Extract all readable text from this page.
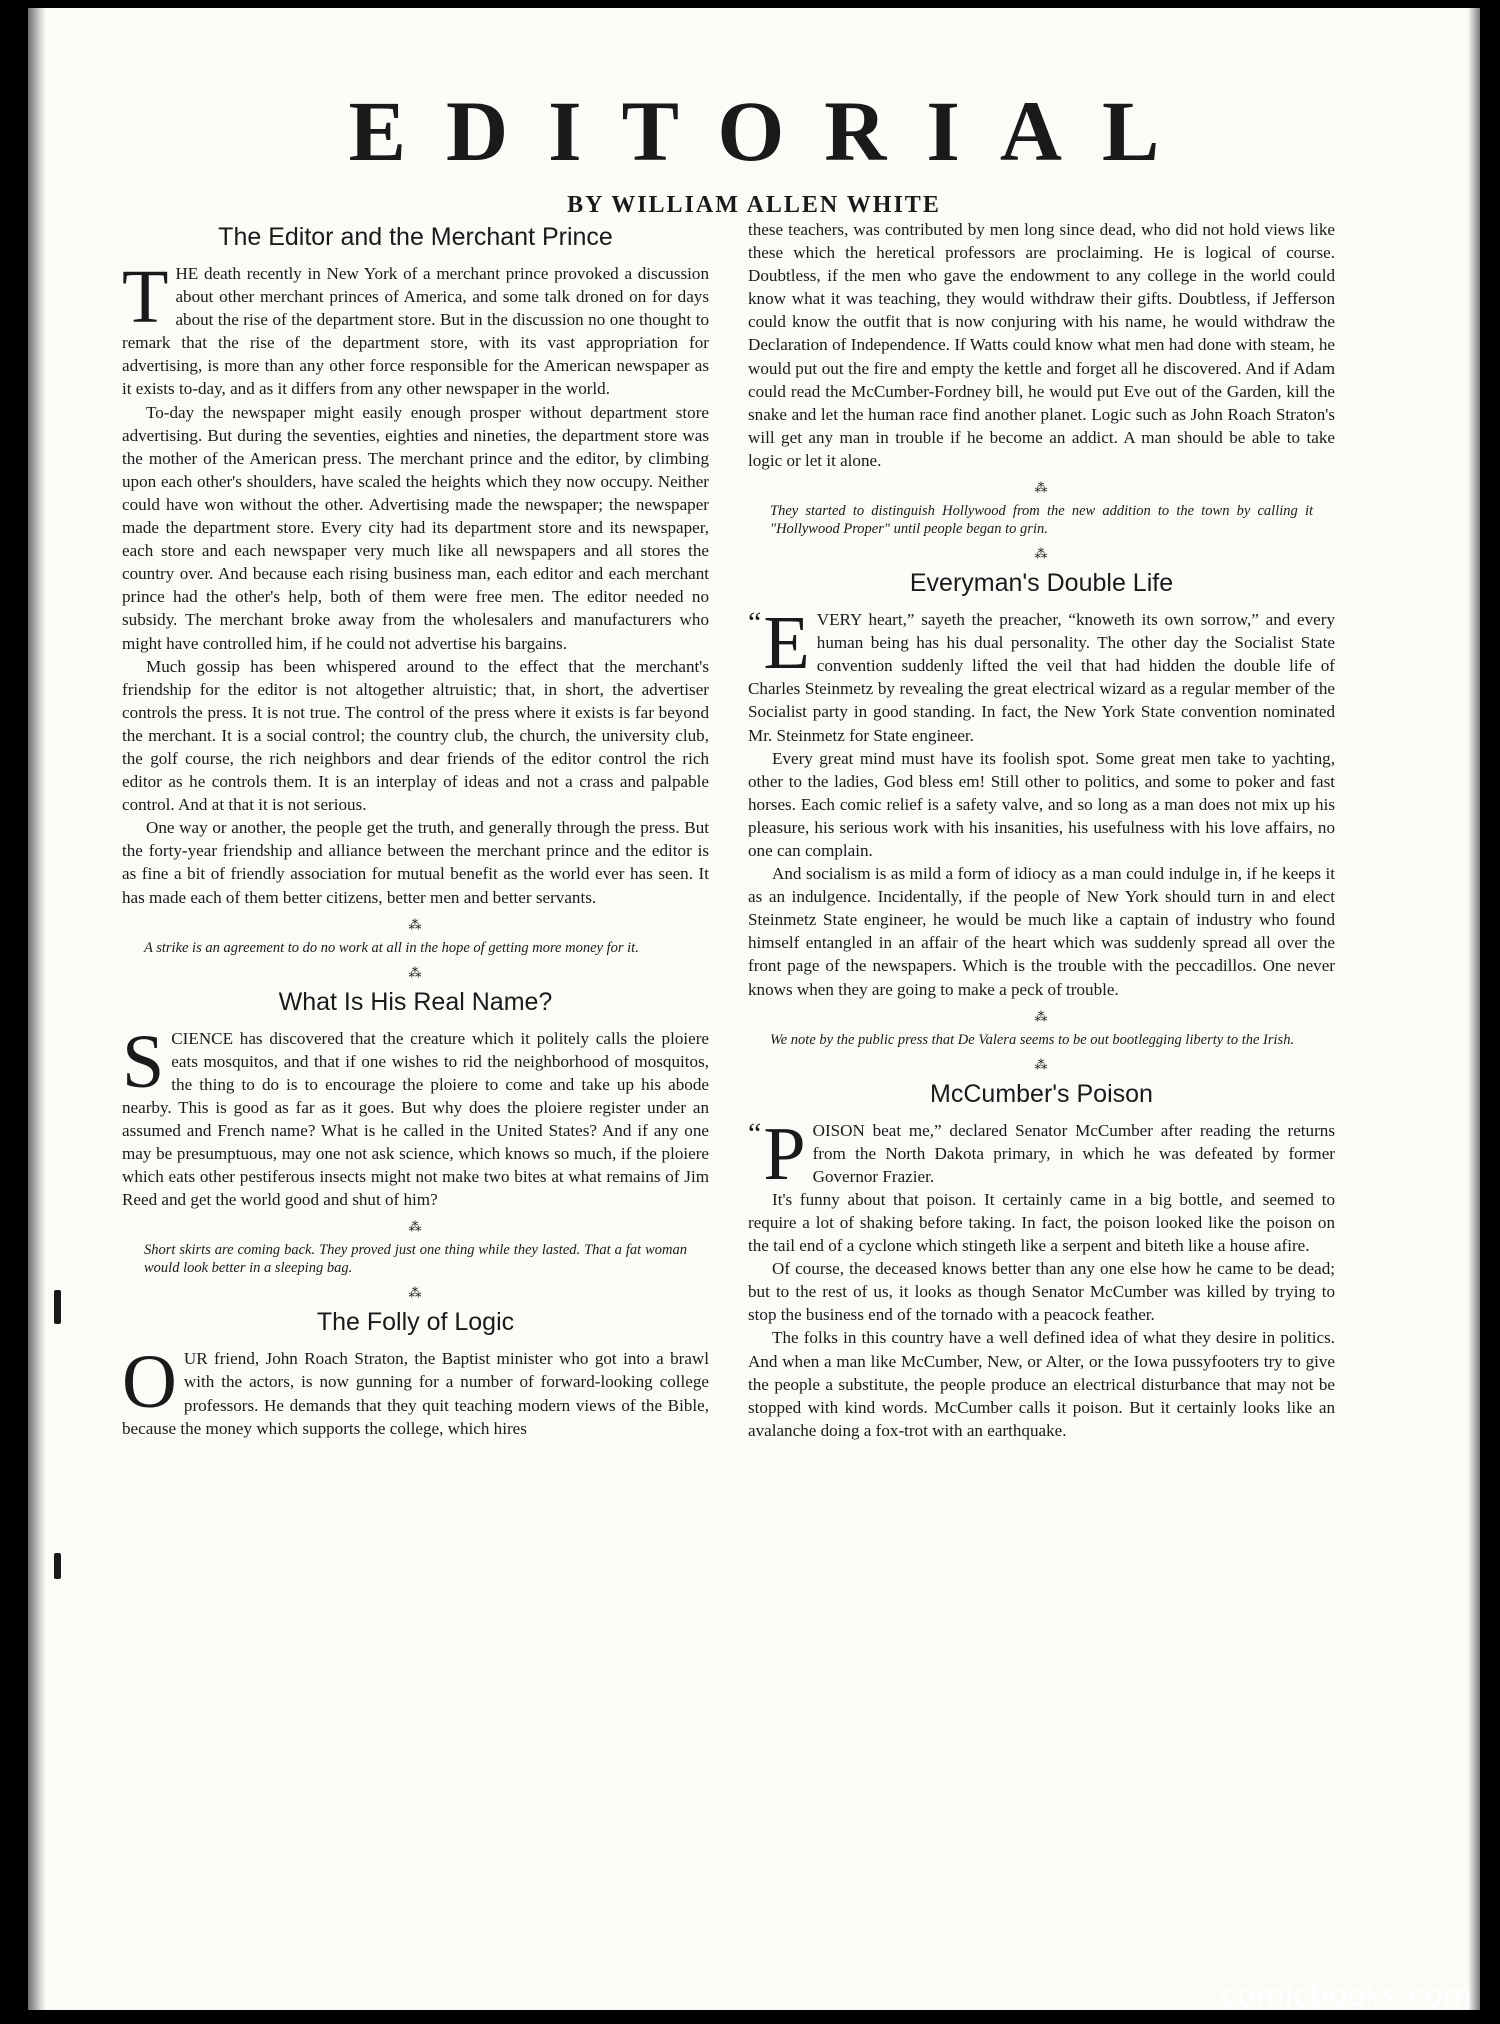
EDITORIAL
BY WILLIAM ALLEN WHITE
The Editor and the Merchant Prince

THE death recently in New York of a merchant prince provoked a discussion about other merchant princes of America, and some talk droned on for days about the rise of the department store. But in the discussion no one thought to remark that the rise of the department store, with its vast appropriation for advertising, is more than any other force responsible for the American newspaper as it exists to-day, and as it differs from any other newspaper in the world.

To-day the newspaper might easily enough prosper without department store advertising. But during the seventies, eighties and nineties, the department store was the mother of the American press. The merchant prince and the editor, by climbing upon each other's shoulders, have scaled the heights which they now occupy. Neither could have won without the other. Advertising made the newspaper; the newspaper made the department store. Every city had its department store and its newspaper, each store and each newspaper very much like all newspapers and all stores the country over. And because each rising business man, each editor and each merchant prince had the other's help, both of them were free men. The editor needed no subsidy. The merchant broke away from the wholesalers and manufacturers who might have controlled him, if he could not advertise his bargains.

Much gossip has been whispered around to the effect that the merchant's friendship for the editor is not altogether altruistic; that, in short, the advertiser controls the press. It is not true. The control of the press where it exists is far beyond the merchant. It is a social control; the country club, the church, the university club, the golf course, the rich neighbors and dear friends of the editor control the rich editor as he controls them. It is an interplay of ideas and not a crass and palpable control. And at that it is not serious.

One way or another, the people get the truth, and generally through the press. But the forty-year friendship and alliance between the merchant prince and the editor is as fine a bit of friendly association for mutual benefit as the world ever has seen. It has made each of them better citizens, better men and better servants.

⁂
A strike is an agreement to do no work at all in the hope of getting more money for it.
⁂
What Is His Real Name?

SCIENCE has discovered that the creature which it politely calls the ploiere eats mosquitos, and that if one wishes to rid the neighborhood of mosquitos, the thing to do is to encourage the ploiere to come and take up his abode nearby. This is good as far as it goes. But why does the ploiere register under an assumed and French name? What is he called in the United States? And if any one may be presumptuous, may one not ask science, which knows so much, if the ploiere which eats other pestiferous insects might not make two bites at what remains of Jim Reed and get the world good and shut of him?

⁂
Short skirts are coming back. They proved just one thing while they lasted. That a fat woman would look better in a sleeping bag.
⁂
The Folly of Logic

OUR friend, John Roach Straton, the Baptist minister who got into a brawl with the actors, is now gunning for a number of forward-looking college professors. He demands that they quit teaching modern views of the Bible, because the money which supports the college, which hires

these teachers, was contributed by men long since dead, who did not hold views like these which the heretical professors are proclaiming. He is logical of course. Doubtless, if the men who gave the endowment to any college in the world could know what it was teaching, they would withdraw their gifts. Doubtless, if Jefferson could know the outfit that is now conjuring with his name, he would withdraw the Declaration of Independence. If Watts could know what men had done with steam, he would put out the fire and empty the kettle and forget all he discovered. And if Adam could read the McCumber-Fordney bill, he would put Eve out of the Garden, kill the snake and let the human race find another planet. Logic such as John Roach Straton's will get any man in trouble if he become an addict. A man should be able to take logic or let it alone.

⁂
They started to distinguish Hollywood from the new addition to the town by calling it "Hollywood Proper" until people began to grin.
⁂
Everyman's Double Life

“ E VERY heart,” sayeth the preacher, “knoweth its own sorrow,” and every human being has his dual personality. The other day the Socialist State convention suddenly lifted the veil that had hidden the double life of Charles Steinmetz by revealing the great electrical wizard as a regular member of the Socialist party in good standing. In fact, the New York State convention nominated Mr. Steinmetz for State engineer.

Every great mind must have its foolish spot. Some great men take to yachting, other to the ladies, God bless em! Still other to politics, and some to poker and fast horses. Each comic relief is a safety valve, and so long as a man does not mix up his pleasure, his serious work with his insanities, his usefulness with his love affairs, no one can complain.

And socialism is as mild a form of idiocy as a man could indulge in, if he keeps it as an indulgence. Incidentally, if the people of New York should turn in and elect Steinmetz State engineer, he would be much like a captain of industry who found himself entangled in an affair of the heart which was suddenly spread all over the front page of the newspapers. Which is the trouble with the peccadillos. One never knows when they are going to make a peck of trouble.

⁂
We note by the public press that De Valera seems to be out bootlegging liberty to the Irish.
⁂
McCumber's Poison

“ P OISON beat me,” declared Senator McCumber after reading the returns from the North Dakota primary, in which he was defeated by former Governor Frazier.

It's funny about that poison. It certainly came in a big bottle, and seemed to require a lot of shaking before taking. In fact, the poison looked like the poison on the tail end of a cyclone which stingeth like a serpent and biteth like a house afire.

Of course, the deceased knows better than any one else how he came to be dead; but to the rest of us, it looks as though Senator McCumber was killed by trying to stop the business end of the tornado with a peacock feather.

The folks in this country have a well defined idea of what they desire in politics. And when a man like McCumber, New, or Alter, or the Iowa pussyfooters try to give the people a substitute, the people produce an electrical disturbance that may not be stopped with kind words. McCumber calls it poison. But it certainly looks like an avalanche doing a fox-trot with an earthquake.

comicbooks.com
